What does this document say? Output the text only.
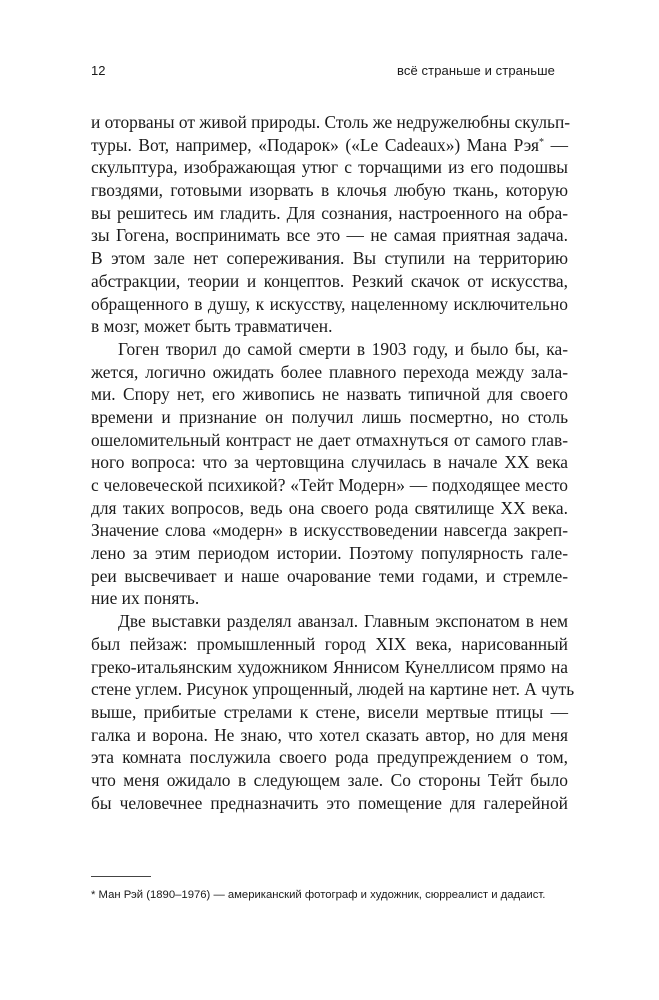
12	всё страньше и страньше
и оторваны от живой природы. Столь же недружелюбны скульп-
туры. Вот, например, «Подарок» («Le Cadeaux») Мана Рэя* —
скульптура, изображающая утюг с торчащими из его подошвы
гвоздями, готовыми изорвать в клочья любую ткань, которую
вы решитесь им гладить. Для сознания, настроенного на обра-
зы Гогена, воспринимать все это — не самая приятная задача.
В этом зале нет сопереживания. Вы ступили на территорию
абстракции, теории и концептов. Резкий скачок от искусства,
обращенного в душу, к искусству, нацеленному исключительно
в мозг, может быть травматичен.
Гоген творил до самой смерти в 1903 году, и было бы, ка-
жется, логично ожидать более плавного перехода между зала-
ми. Спору нет, его живопись не назвать типичной для своего
времени и признание он получил лишь посмертно, но столь
ошеломительный контраст не дает отмахнуться от самого глав-
ного вопроса: что за чертовщина случилась в начале XX века
с человеческой психикой? «Тейт Модерн» — подходящее место
для таких вопросов, ведь она своего рода святилище XX века.
Значение слова «модерн» в искусствоведении навсегда закреп-
лено за этим периодом истории. Поэтому популярность гале-
реи высвечивает и наше очарование теми годами, и стремле-
ние их понять.
Две выставки разделял аванзал. Главным экспонатом в нем
был пейзаж: промышленный город XIX века, нарисованный
греко-итальянским художником Яннисом Кунеллисом прямо на
стене углем. Рисунок упрощенный, людей на картине нет. А чуть
выше, прибитые стрелами к стене, висели мертвые птицы —
галка и ворона. Не знаю, что хотел сказать автор, но для меня
эта комната послужила своего рода предупреждением о том,
что меня ожидало в следующем зале. Со стороны Тейт было
бы человечнее предназначить это помещение для галерейной
* Ман Рэй (1890–1976) — американский фотограф и художник, сюрреалист и дадаист.
